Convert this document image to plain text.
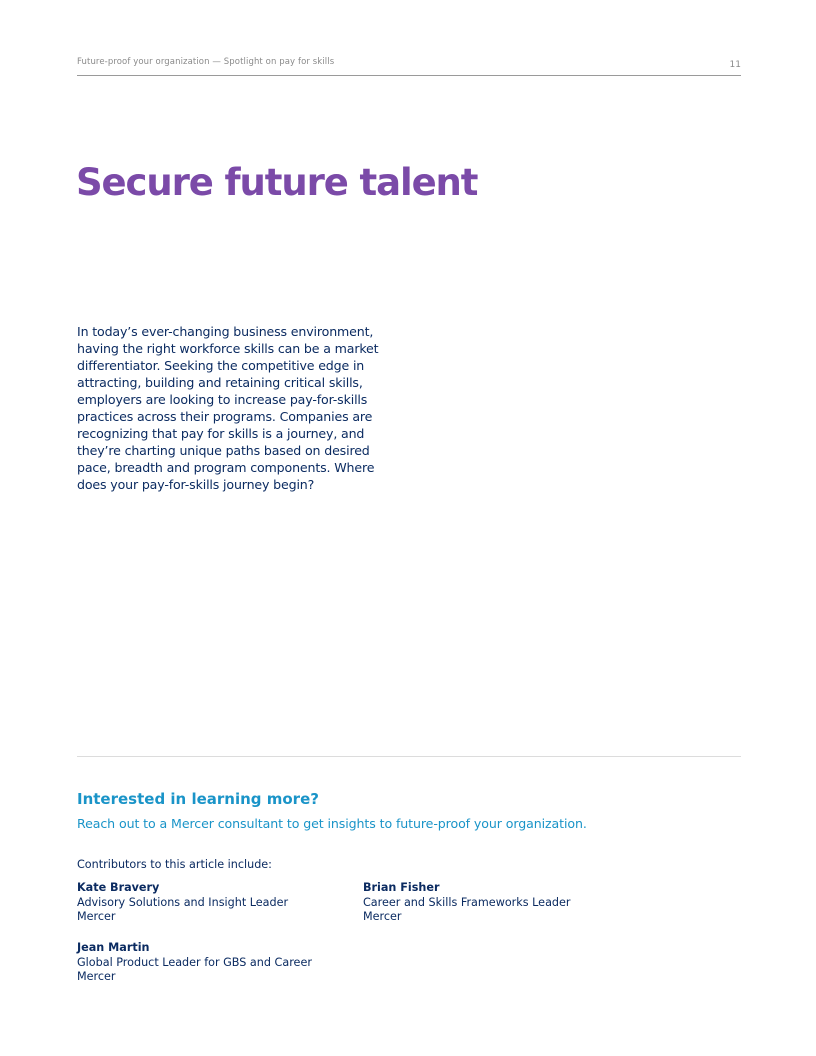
Future-proof your organization — Spotlight on pay for skills	11
Secure future talent

In today’s ever-changing business environment, having the right workforce skills can be a market differentiator. Seeking the competitive edge in attracting, building and retaining critical skills, employers are looking to increase pay-for-skills practices across their programs. Companies are recognizing that pay for skills is a journey, and they’re charting unique paths based on desired pace, breadth and program components. Where does your pay-for-skills journey begin?

Interested in learning more?

Reach out to a Mercer consultant to get insights to future-proof your organization.

Contributors to this article include:

Kate Bravery
Advisory Solutions and Insight Leader
Mercer
Brian Fisher
Career and Skills Frameworks Leader
Mercer
Jean Martin
Global Product Leader for GBS and Career
Mercer
